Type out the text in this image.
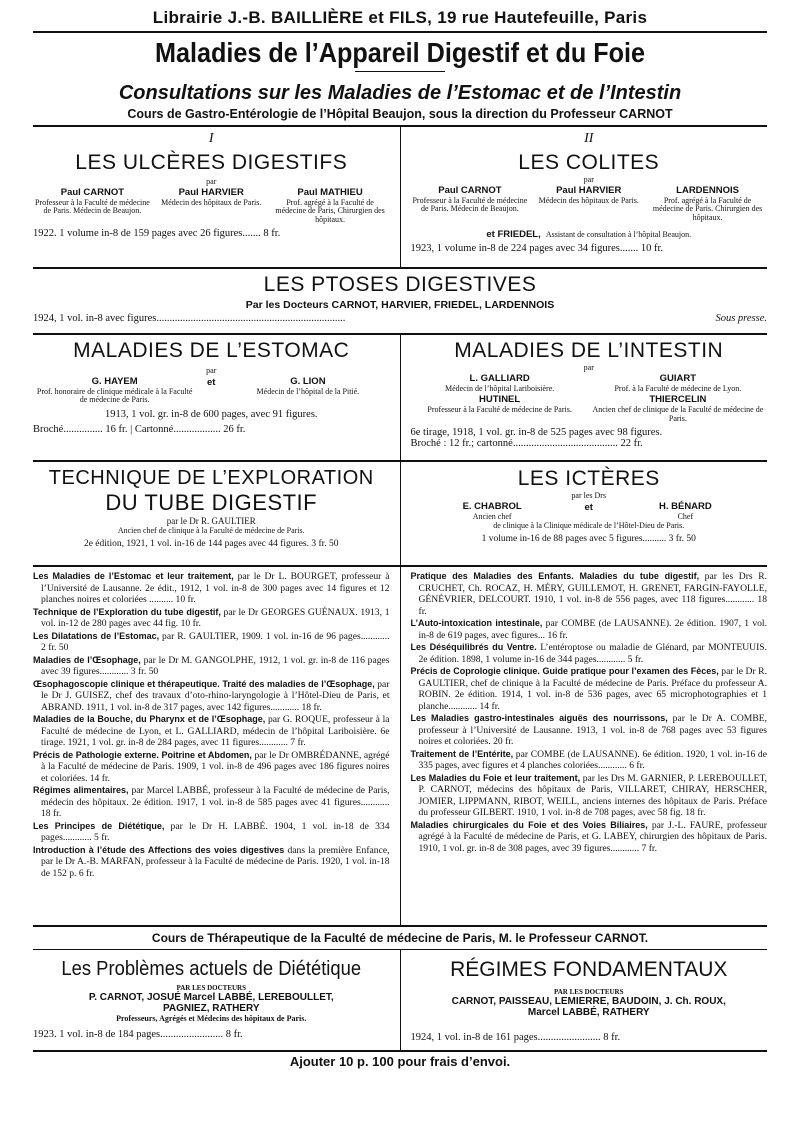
Librairie J.-B. BAILLIÈRE et FILS, 19 rue Hautefeuille, Paris
Maladies de l’Appareil Digestif et du Foie
Consultations sur les Maladies de l’Estomac et de l’Intestin
Cours de Gastro-Entérologie de l’Hôpital Beaujon, sous la direction du Professeur CARNOT
I
LES ULCÈRES DIGESTIFS
par
Paul CARNOT
Professeur à la Faculté de médecine de Paris. Médecin de Beaujon.
Paul HARVIER
Médecin des hôpitaux de Paris.
Paul MATHIEU
Prof. agrégé à la Faculté de médecine de Paris, Chirurgien des hôpitaux.
1922. 1 volume in-8 de 159 pages avec 26 figures....... 8 fr.
II
LES COLITES
par
Paul CARNOT
Professeur à la Faculté de médecine de Paris. Médecin de Beaujon.
Paul HARVIER
Médecin des hôpitaux de Paris.
LARDENNOIS
Prof. agrégé à la Faculté de médecine de Paris. Chirurgien des hôpitaux.
et FRIEDEL, Assistant de consultation à l’hôpital Beaujon.
1923, 1 volume in-8 de 224 pages avec 34 figures....... 10 fr.
LES PTOSES DIGESTIVES
Par les Docteurs CARNOT, HARVIER, FRIEDEL, LARDENNOIS
1924, 1 vol. in-8 avec figures........................................................................	Sous presse.
MALADIES DE L’ESTOMAC
par
G. HAYEM
Prof. honoraire de clinique médicale à la Faculté de médecine de Paris.
et	G. LION
Médecin de l’hôpital de la Pitié.
1913, 1 vol. gr. in-8 de 600 pages, avec 91 figures.
Broché............... 16 fr. | Cartonné.................. 26 fr.
MALADIES DE L’INTESTIN
par
L. GALLIARD
Médecin de l’hôpital Lariboisière.
GUIART
Prof. à la Faculté de médecine de Lyon.
HUTINEL
Professeur à la Faculté de médecine de Paris.
THIERCELIN
Ancien chef de clinique de la Faculté de médecine de Paris.
6e tirage, 1918, 1 vol. gr. in-8 de 525 pages avec 98 figures.
Broché : 12 fr.; cartonné........................................ 22 fr.
TECHNIQUE DE L’EXPLORATION
DU TUBE DIGESTIF
par le Dr R. GAULTIER
Ancien chef de clinique à la Faculté de médecine de Paris.
2e édition, 1921, 1 vol. in-16 de 144 pages avec 44 figures. 3 fr. 50
LES ICTÈRES
par les Drs
E. CHABROL
Ancien chef
et	H. BÉNARD
Chef
de clinique à la Clinique médicale de l’Hôtel-Dieu de Paris.
1 volume in-16 de 88 pages avec 5 figures.......... 3 fr. 50

Les Maladies de l’Estomac et leur traitement, par le Dr L. BOURGET, professeur à l’Université de Lausanne. 2e édit., 1912, 1 vol. in-8 de 300 pages avec 14 figures et 12 planches noires et coloriées .......... 10 fr.

Technique de l’Exploration du tube digestif, par le Dr GEORGES GUÉNAUX. 1913, 1 vol. in-12 de 280 pages avec 44 fig. 10 fr.

Les Dilatations de l’Estomac, par R. GAULTIER, 1909. 1 vol. in-16 de 96 pages............ 2 fr. 50

Maladies de l’Œsophage, par le Dr M. GANGOLPHE, 1912, 1 vol. gr. in-8 de 116 pages avec 39 figures............ 3 fr. 50

Œsophagoscopie clinique et thérapeutique. Traité des maladies de l’Œsophage, par le Dr J. GUISEZ, chef des travaux d’oto-rhino-laryngologie à l’Hôtel-Dieu de Paris, et ABRAND. 1911, 1 vol. in-8 de 317 pages, avec 142 figures............ 18 fr.

Maladies de la Bouche, du Pharynx et de l’Œsophage, par G. ROQUE, professeur à la Faculté de médecine de Lyon, et L. GALLIARD, médecin de l’hôpital Lariboisière. 6e tirage. 1921, 1 vol. gr. in-8 de 284 pages, avec 11 figures............ 7 fr.

Précis de Pathologie externe. Poitrine et Abdomen, par le Dr OMBRÉDANNE, agrégé à la Faculté de médecine de Paris. 1909, 1 vol. in-8 de 496 pages avec 186 figures noires et coloriées. 14 fr.

Régimes alimentaires, par Marcel LABBÉ, professeur à la Faculté de médecine de Paris, médecin des hôpitaux. 2e édition. 1917, 1 vol. in-8 de 585 pages avec 41 figures............ 18 fr.

Les Principes de Diététique, par le Dr H. LABBÉ. 1904, 1 vol. in-18 de 334 pages............ 5 fr.

Introduction à l’étude des Affections des voies digestives dans la première Enfance, par le Dr A.-B. MARFAN, professeur à la Faculté de médecine de Paris. 1920, 1 vol. in-18 de 152 p. 6 fr.

Pratique des Maladies des Enfants. Maladies du tube digestif, par les Drs R. CRUCHET, Ch. ROCAZ, H. MÉRY, GUILLEMOT, H. GRENET, FARGIN-FAYOLLE, GÉNÉVRIER, DELCOURT. 1910, 1 vol. in-8 de 556 pages, avec 118 figures............ 18 fr.

L’Auto-intoxication intestinale, par COMBE (de LAUSANNE). 2e édition. 1907, 1 vol. in-8 de 619 pages, avec figures... 16 fr.

Les Déséquilibrés du Ventre. L’entéroptose ou maladie de Glénard, par MONTEUUIS. 2e édition. 1898, 1 volume in-16 de 344 pages............ 5 fr.

Précis de Coprologie clinique. Guide pratique pour l’examen des Fèces, par le Dr R. GAULTIER, chef de clinique à la Faculté de médecine de Paris. Préface du professeur A. ROBIN. 2e édition. 1914, 1 vol. in-8 de 536 pages, avec 65 microphotographies et 1 planche............ 14 fr.

Les Maladies gastro-intestinales aiguës des nourrissons, par le Dr A. COMBE, professeur à l’Université de Lausanne. 1913, 1 vol. in-8 de 768 pages avec 53 figures noires et coloriées. 20 fr.

Traitement de l’Entérite, par COMBE (de LAUSANNE). 6e édition. 1920, 1 vol. in-16 de 335 pages, avec figures et 4 planches coloriées............ 6 fr.

Les Maladies du Foie et leur traitement, par les Drs M. GARNIER, P. LEREBOULLET, P. CARNOT, médecins des hôpitaux de Paris, VILLARET, CHIRAY, HERSCHER, JOMIER, LIPPMANN, RIBOT, WEILL, anciens internes des hôpitaux de Paris. Préface du professeur GILBERT. 1910, 1 vol. in-8 de 708 pages, avec 58 fig. 18 fr.

Maladies chirurgicales du Foie et des Voies Biliaires, par J.-L. FAURE, professeur agrégé à la Faculté de médecine de Paris, et G. LABEY, chirurgien des hôpitaux de Paris. 1910, 1 vol. gr. in-8 de 308 pages, avec 39 figures............ 7 fr.

Cours de Thérapeutique de la Faculté de médecine de Paris, M. le Professeur CARNOT.
Les Problèmes actuels de Diététique
PAR LES DOCTEURS
P. CARNOT, JOSUÉ Marcel LABBÉ, LEREBOULLET,
PAGNIEZ, RATHERY
Professeurs, Agrégés et Médecins des hôpitaux de Paris.
1923. 1 vol. in-8 de 184 pages........................ 8 fr.
RÉGIMES FONDAMENTAUX
PAR LES DOCTEURS
CARNOT, PAISSEAU, LEMIERRE, BAUDOIN, J. Ch. ROUX,
Marcel LABBÉ, RATHERY
1924, 1 vol. in-8 de 161 pages........................ 8 fr.
Ajouter 10 p. 100 pour frais d’envoi.
